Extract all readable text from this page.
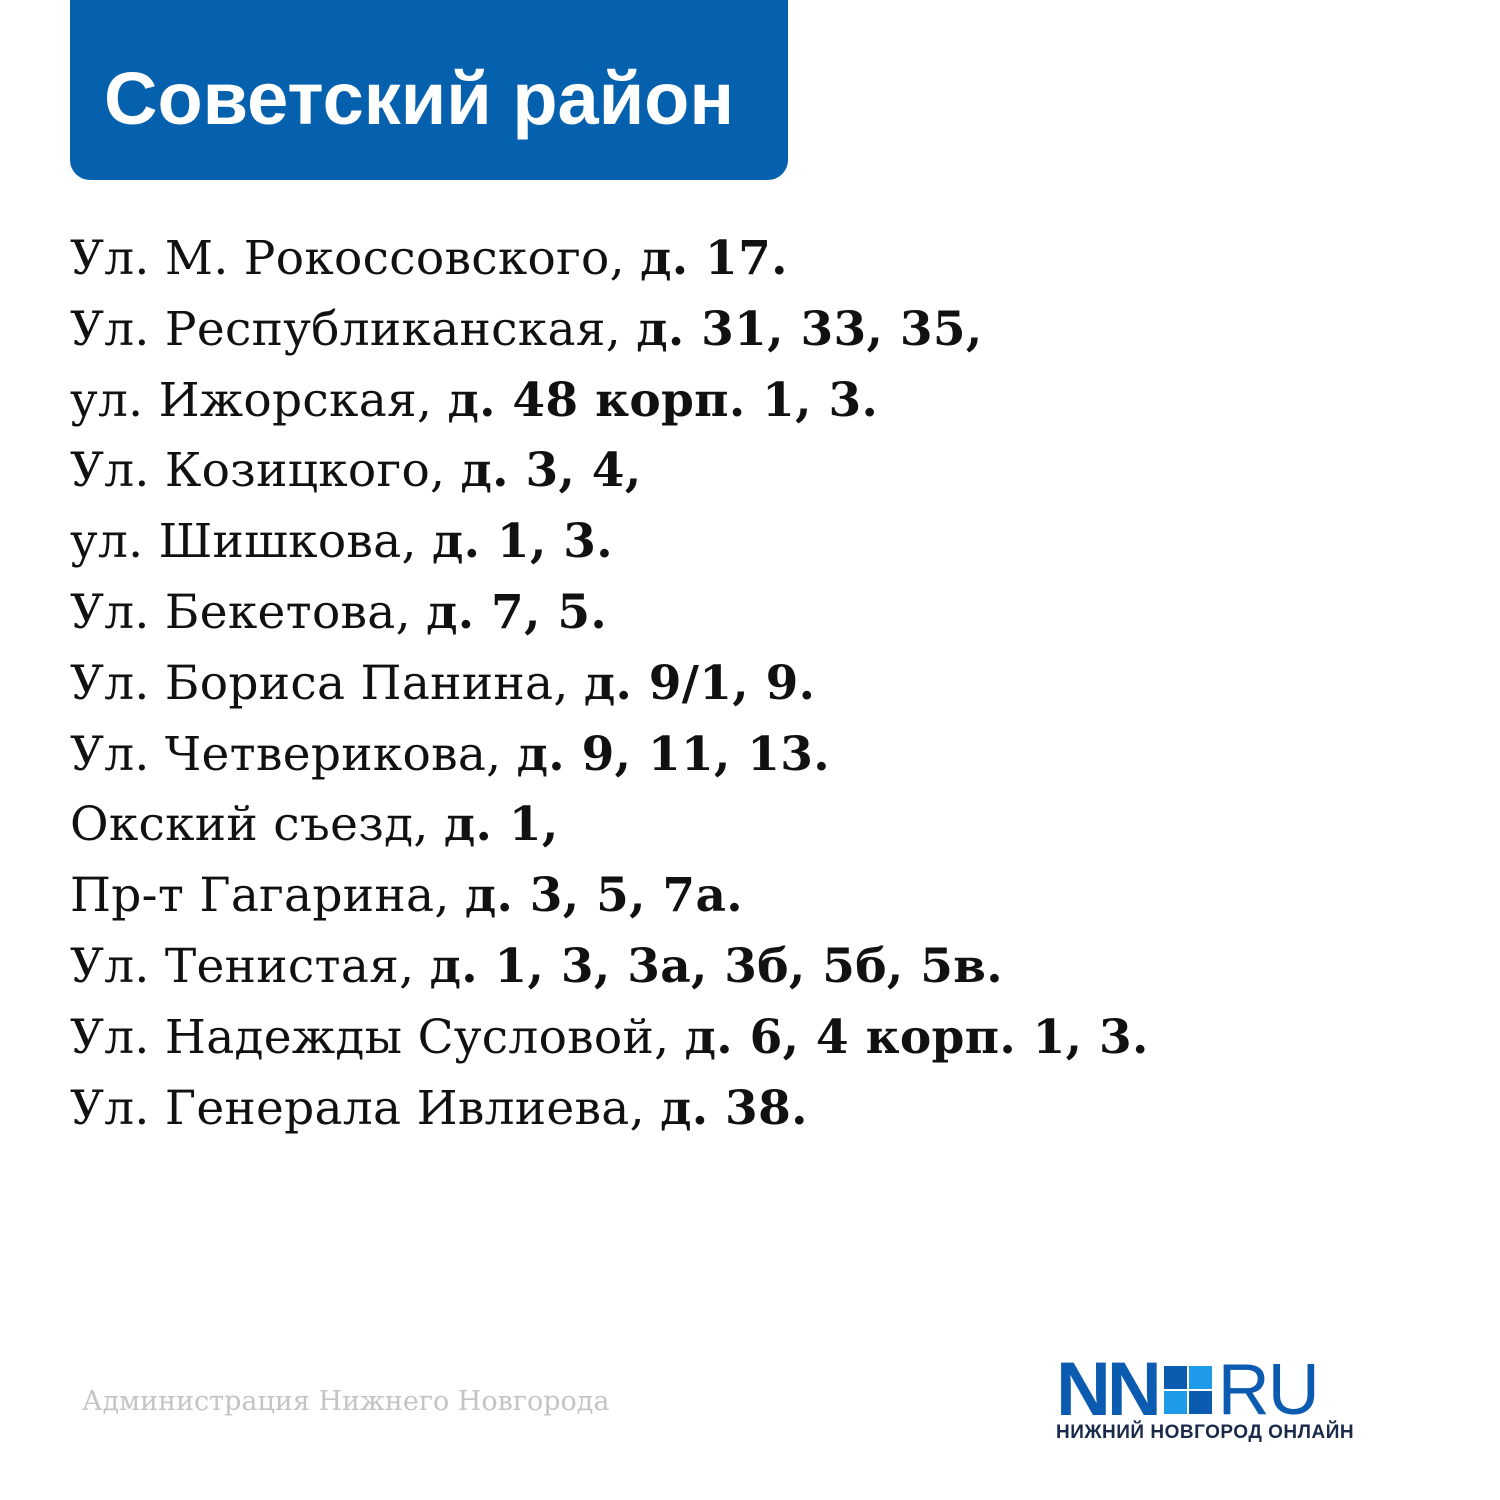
Советский район
Ул. М. Рокоссовского, д. 17.
Ул. Республиканская, д. 31, 33, 35,
ул. Ижорская, д. 48 корп. 1, 3.
Ул. Козицкого, д. 3, 4,
ул. Шишкова, д. 1, 3.
Ул. Бекетова, д. 7, 5.
Ул. Бориса Панина, д. 9/1, 9.
Ул. Четверикова, д. 9, 11, 13.
Окский съезд, д. 1,
Пр-т Гагарина, д. 3, 5, 7а.
Ул. Тенистая, д. 1, 3, 3а, 3б, 5б, 5в.
Ул. Надежды Сусловой, д. 6, 4 корп. 1, 3.
Ул. Генерала Ивлиева, д. 38.
Администрация Нижнего Новгорода	NN RU
НИЖНИЙ НОВГОРОД ОНЛАЙН
